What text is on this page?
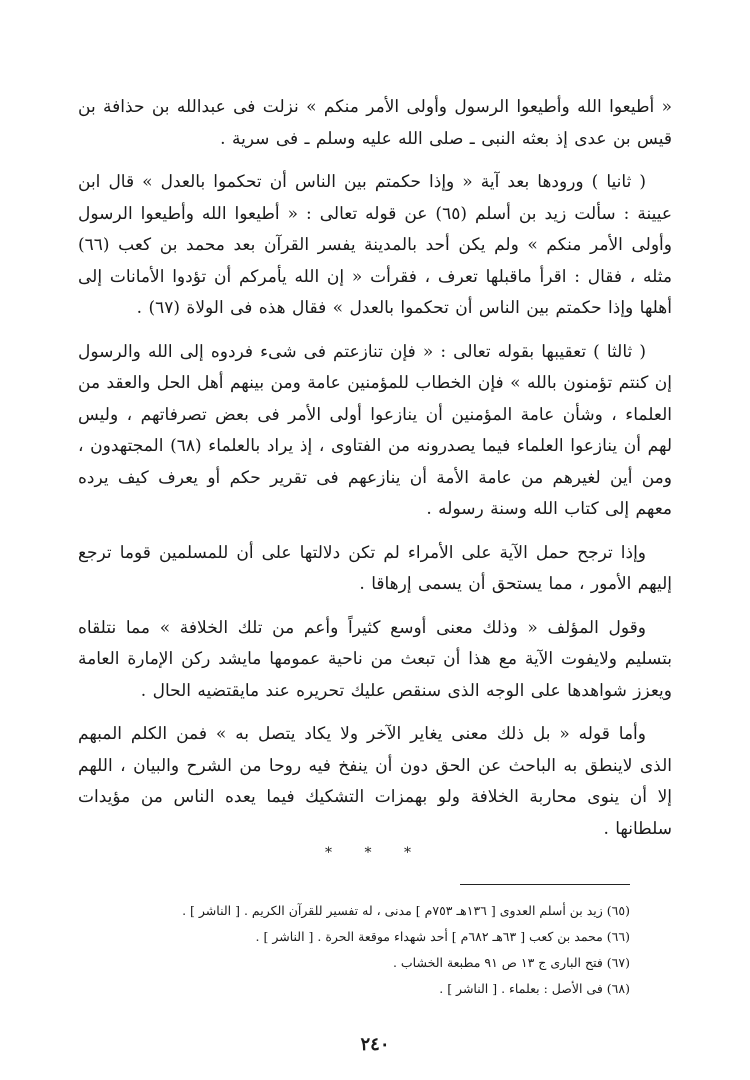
« أطيعوا الله وأطيعوا الرسول وأولى الأمر منكم » نزلت فى عبدالله بن حذافة بن قيس بن عدى إذ بعثه النبى ـ صلى الله عليه وسلم ـ فى سرية .

( ثانيا ) ورودها بعد آية « وإذا حكمتم بين الناس أن تحكموا بالعدل » قال ابن عيينة : سألت زيد بن أسلم (٦٥) عن قوله تعالى : « أطيعوا الله وأطيعوا الرسول وأولى الأمر منكم » ولم يكن أحد بالمدينة يفسر القرآن بعد محمد بن كعب (٦٦) مثله ، فقال : اقرأ ماقبلها تعرف ، فقرأت « إن الله يأمركم أن تؤدوا الأمانات إلى أهلها وإذا حكمتم بين الناس أن تحكموا بالعدل » فقال هذه فى الولاة (٦٧) .

( ثالثا ) تعقيبها بقوله تعالى : « فإن تنازعتم فى شىء فردوه إلى الله والرسول إن كنتم تؤمنون بالله » فإن الخطاب للمؤمنين عامة ومن بينهم أهل الحل والعقد من العلماء ، وشأن عامة المؤمنين أن ينازعوا أولى الأمر فى بعض تصرفاتهم ، وليس لهم أن ينازعوا العلماء فيما يصدرونه من الفتاوى ، إذ يراد بالعلماء (٦٨) المجتهدون ، ومن أين لغيرهم من عامة الأمة أن ينازعهم فى تقرير حكم أو يعرف كيف يرده معهم إلى كتاب الله وسنة رسوله .

وإذا ترجح حمل الآية على الأمراء لم تكن دلالتها على أن للمسلمين قوما ترجع إليهم الأمور ، مما يستحق أن يسمى إرهاقا .

وقول المؤلف « وذلك معنى أوسع كثيراً وأعم من تلك الخلافة » مما نتلقاه بتسليم ولايفوت الآية مع هذا أن تبعث من ناحية عمومها مايشد ركن الإمارة العامة ويعزز شواهدها على الوجه الذى سنقص عليك تحريره عند مايقتضيه الحال .

وأما قوله « بل ذلك معنى يغاير الآخر ولا يكاد يتصل به » فمن الكلم المبهم الذى لاينطق به الباحث عن الحق دون أن ينفخ فيه روحا من الشرح والبيان ، اللهم إلا أن ينوى محاربة الخلافة ولو بهمزات التشكيك فيما يعده الناس من مؤيدات سلطانها .

* * *

(٦٥) زيد بن أسلم العدوى [ ١٣٦هـ ٧٥٣م ] مدنى ، له تفسير للقرآن الكريم . [ الناشر ] .

(٦٦) محمد بن كعب [ ٦٣هـ ٦٨٢م ] أحد شهداء موقعة الحرة . [ الناشر ] .

(٦٧) فتح البارى ج ١٣ ص ٩١ مطبعة الخشاب .

(٦٨) فى الأصل : بعلماء . [ الناشر ] .

٢٤٠
